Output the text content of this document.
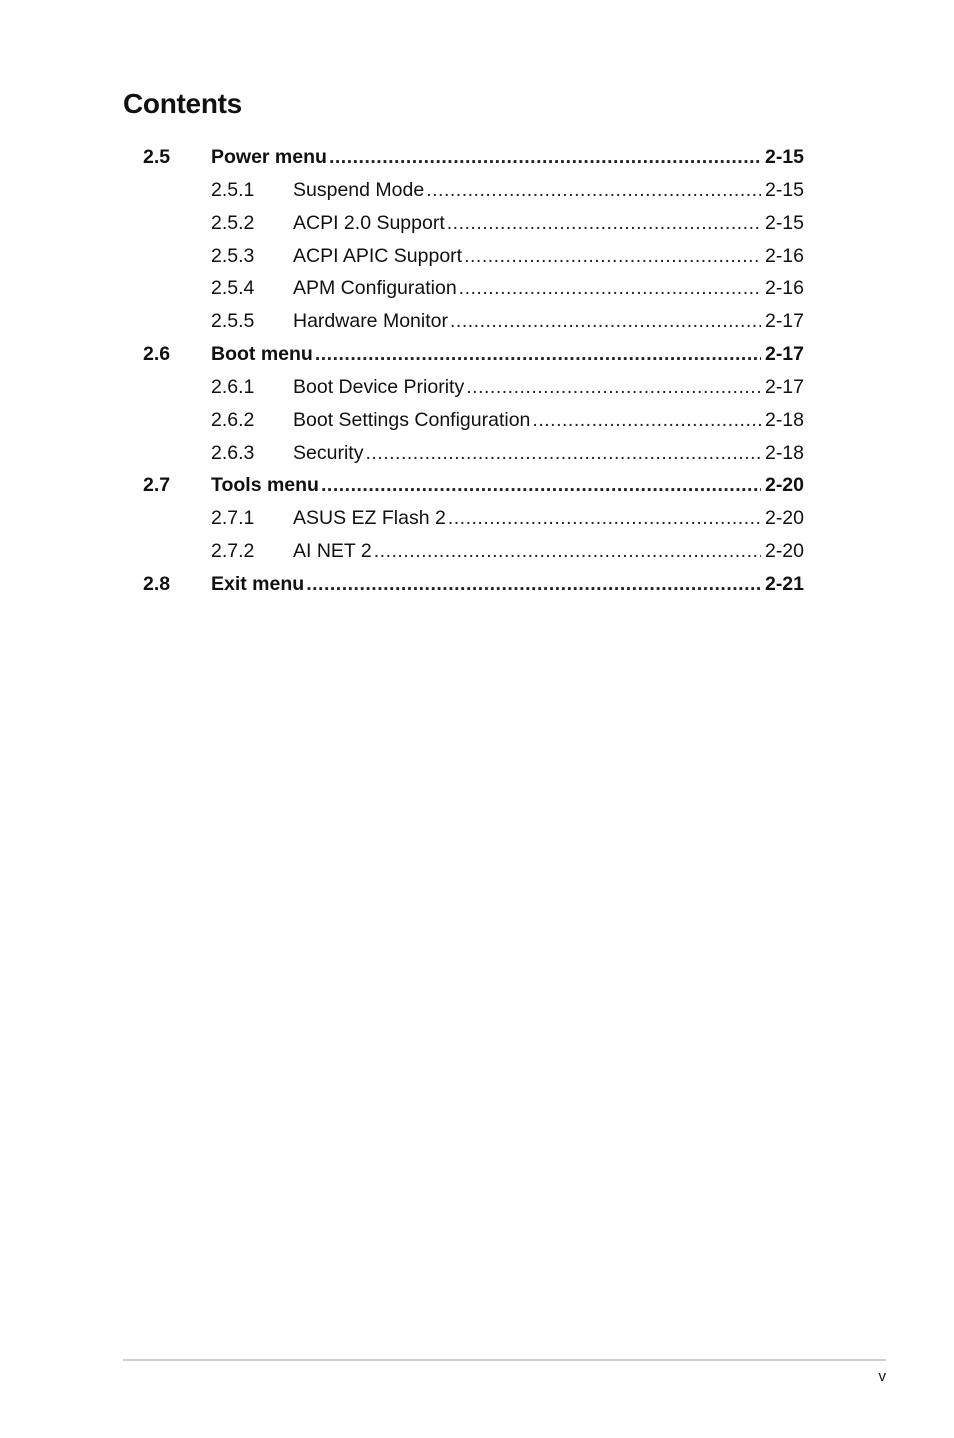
Contents
2.5 Power menu .....	2-15
2.5.1 Suspend Mode .....	2-15
2.5.2 ACPI 2.0 Support .....	2-15
2.5.3 ACPI APIC Support .....	2-16
2.5.4 APM Configuration .....	2-16
2.5.5 Hardware Monitor .....	2-17
2.6 Boot menu .....	2-17
2.6.1 Boot Device Priority .....	2-17
2.6.2 Boot Settings Configuration .....	2-18
2.6.3 Security .....	2-18
2.7 Tools menu .....	2-20
2.7.1 ASUS EZ Flash 2 .....	2-20
2.7.2 AI NET 2 .....	2-20
2.8 Exit menu .....	2-21
v
